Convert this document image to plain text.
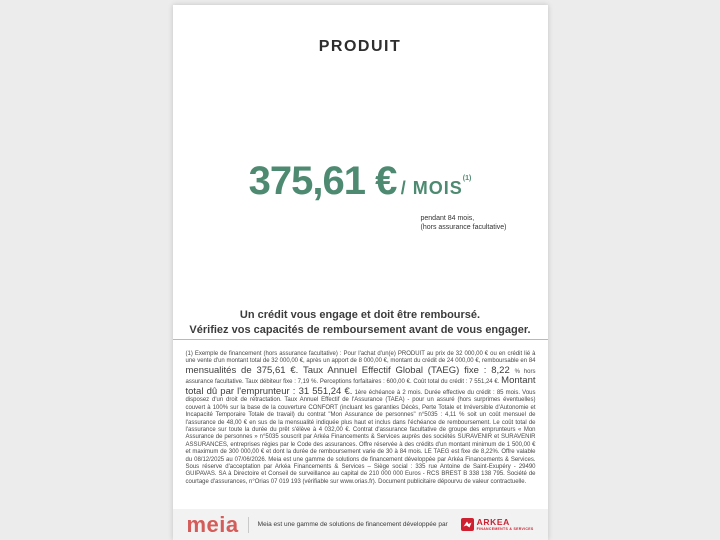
PRODUIT
375,61 € / MOIS$^{(1)}$
pendant 84 mois,
(hors assurance facultative)
Un crédit vous engage et doit être remboursé.
Vérifiez vos capacités de remboursement avant de vous engager.

(1) Exemple de financement (hors assurance facultative) : Pour l'achat d'un(e) PRODUIT au prix de 32 000,00 € ou en crédit lié à une vente d'un montant total de 32 000,00 €, après un apport de 8 000,00 €, montant du crédit de 24 000,00 €, remboursable en 84 mensualités de 375,61 €. Taux Annuel Effectif Global (TAEG) fixe : 8,22 % hors assurance facultative. Taux débiteur fixe : 7,19 %. Perceptions forfaitaires : 600,00 €. Coût total du crédit : 7 551,24 €. Montant total dû par l'emprunteur : 31 551,24 €. 1ère échéance à 2 mois. Durée effective du crédit : 85 mois. Vous disposez d'un droit de rétractation. Taux Annuel Effectif de l'Assurance (TAEA) - pour un assuré (hors surprimes éventuelles) couvert à 100% sur la base de la couverture CONFORT (incluant les garanties Décès, Perte Totale et Irréversible d'Autonomie et Incapacité Temporaire Totale de travail) du contrat "Mon Assurance de personnes" n°5035 : 4,11 % soit un coût mensuel de l'assurance de 48,00 € en sus de la mensualité indiquée plus haut et inclus dans l'échéance de remboursement. Le coût total de l'assurance sur toute la durée du prêt s'élève à 4 032,00 €. Contrat d'assurance facultative de groupe des emprunteurs « Mon Assurance de personnes » n°5035 souscrit par Arkéa Financements & Services auprès des sociétés SURAVENIR et SURAVENIR ASSURANCES, entreprises régies par le Code des assurances. Offre réservée à des crédits d'un montant minimum de 1 500,00 € et maximum de 300 000,00 € et dont la durée de remboursement varie de 30 à 84 mois. LE TAEG est fixe de 8,22%. Offre valable du 08/12/2025 au 07/06/2026. Meia est une gamme de solutions de financement développée par Arkéa Financements & Services. Sous réserve d'acceptation par Arkéa Financements & Services – Siège social : 335 rue Antoine de Saint-Exupéry - 29490 GUIPAVAS. SA à Directoire et Conseil de surveillance au capital de 210 000 000 Euros - RCS BREST B 338 138 795. Société de courtage d'assurances, n°Orias 07 019 193 (vérifiable sur www.orias.fr). Document publicitaire dépourvu de valeur contractuelle.

meia	Meia est une gamme de solutions de financement développée par	ARKEA
FINANCEMENTS & SERVICES
